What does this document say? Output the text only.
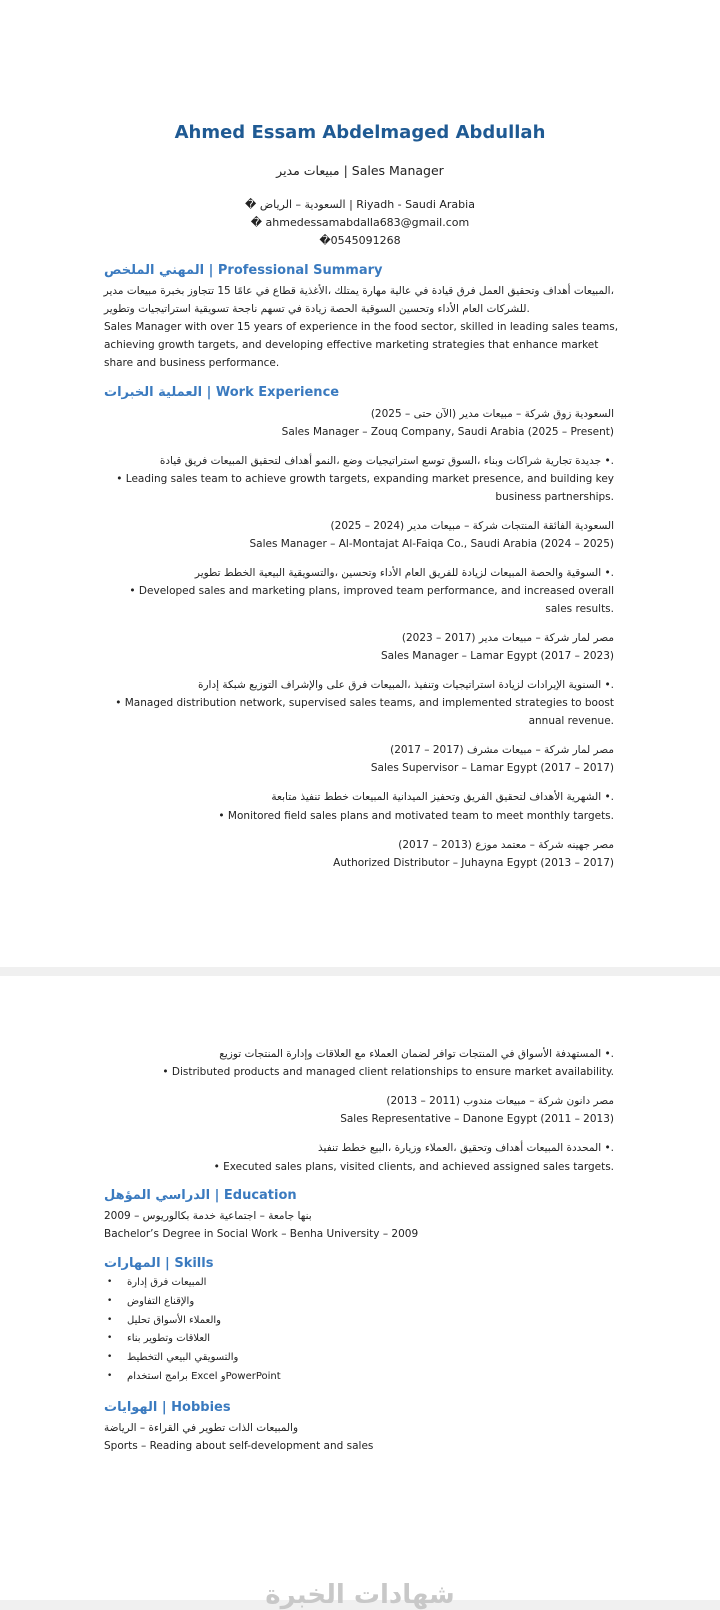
Ahmed Essam Abdelmaged Abdullah
مبيعات مدير | Sales Manager
� السعودية – الرياض | Riyadh - Saudi Arabia
� ahmedessamabdalla683@gmail.com
�0545091268
المهني الملخص | Professional Summary
المبيعات أهداف وتحقيق العمل فرق قيادة في عالية مهارة يمتلك ،الأغذية قطاع في عامًا 15 تتجاوز بخبرة مبيعات مدير،
للشركات العام الأداء وتحسين السوقية الحصة زيادة في تسهم ناجحة تسويقية استراتيجيات وتطوير.
Sales Manager with over 15 years of experience in the food sector, skilled in leading sales teams,
achieving growth targets, and developing effective marketing strategies that enhance market
share and business performance.
العملية الخبرات | Work Experience
(الآن حتى – 2025) السعودية زوق شركة – مبيعات مدير
Sales Manager – Zouq Company, Saudi Arabia (2025 – Present)
جديدة تجارية شراكات وبناء ،السوق توسع استراتيجيات وضع ،النمو أهداف لتحقيق المبيعات فريق قيادة •.
• Leading sales team to achieve growth targets, expanding market presence, and building key
business partnerships.
(2025 – 2024) السعودية الفائقة المنتجات شركة – مبيعات مدير
Sales Manager – Al-Montajat Al-Faiqa Co., Saudi Arabia (2024 – 2025)
السوقية والحصة المبيعات لزيادة للفريق العام الأداء وتحسين ،والتسويقية البيعية الخطط تطوير •.
• Developed sales and marketing plans, improved team performance, and increased overall
sales results.
(2023 – 2017) مصر لمار شركة – مبيعات مدير
Sales Manager – Lamar Egypt (2017 – 2023)
السنوية الإيرادات لزيادة استراتيجيات وتنفيذ ،المبيعات فرق على والإشراف التوزيع شبكة إدارة •.
• Managed distribution network, supervised sales teams, and implemented strategies to boost
annual revenue.
(2017 – 2017) مصر لمار شركة – مبيعات مشرف
Sales Supervisor – Lamar Egypt (2017 – 2017)
الشهرية الأهداف لتحقيق الفريق وتحفيز الميدانية المبيعات خطط تنفيذ متابعة •.
• Monitored field sales plans and motivated team to meet monthly targets.
(2017 – 2013) مصر جهينه شركة – معتمد موزع
Authorized Distributor – Juhayna Egypt (2013 – 2017)
المستهدفة الأسواق في المنتجات توافر لضمان العملاء مع العلاقات وإدارة المنتجات توزيع •.
• Distributed products and managed client relationships to ensure market availability.
(2013 – 2011) مصر دانون شركة – مبيعات مندوب
Sales Representative – Danone Egypt (2011 – 2013)
المحددة المبيعات أهداف وتحقيق ،العملاء وزيارة ،البيع خطط تنفيذ •.
• Executed sales plans, visited clients, and achieved assigned sales targets.
الدراسي المؤهل | Education
بنها جامعة – اجتماعية خدمة بكالوريوس – 2009
Bachelor’s Degree in Social Work – Benha University – 2009
المهارات | Skills
• المبيعات فرق إدارة
• والإقناع التفاوض
• والعملاء الأسواق تحليل
• العلاقات وتطوير بناء
• والتسويقي البيعي التخطيط
• برامج استخدام Excel وPowerPoint
الهوايات | Hobbies
والمبيعات الذات تطوير في القراءة – الرياضة
Sports – Reading about self-development and sales
شهادات الخبرة
